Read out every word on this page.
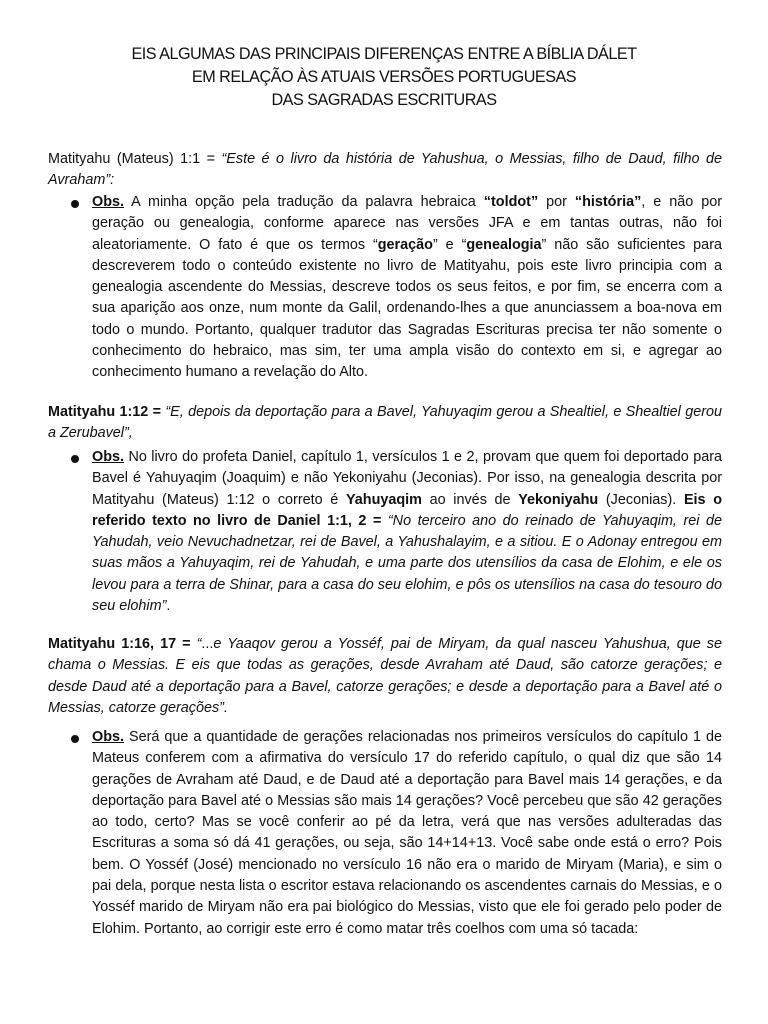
EIS ALGUMAS DAS PRINCIPAIS DIFERENÇAS ENTRE A BÍBLIA DÁLET
EM RELAÇÃO ÀS ATUAIS VERSÕES PORTUGUESAS
DAS SAGRADAS ESCRITURAS

Matityahu (Mateus) 1:1 = “Este é o livro da história de Yahushua, o Messias, filho de Daud, filho de Avraham”:

Obs. A minha opção pela tradução da palavra hebraica “toldot” por “história”, e não por geração ou genealogia, conforme aparece nas versões JFA e em tantas outras, não foi aleatoriamente. O fato é que os termos “geração” e “genealogia” não são suficientes para descreverem todo o conteúdo existente no livro de Matityahu, pois este livro principia com a genealogia ascendente do Messias, descreve todos os seus feitos, e por fim, se encerra com a sua aparição aos onze, num monte da Galil, ordenando-lhes a que anunciassem a boa-nova em todo o mundo. Portanto, qualquer tradutor das Sagradas Escrituras precisa ter não somente o conhecimento do hebraico, mas sim, ter uma ampla visão do contexto em si, e agregar ao conhecimento humano a revelação do Alto.

Matityahu 1:12 = “E, depois da deportação para a Bavel, Yahuyaqim gerou a Shealtiel, e Shealtiel gerou a Zerubavel”,

Obs. No livro do profeta Daniel, capítulo 1, versículos 1 e 2, provam que quem foi deportado para Bavel é Yahuyaqim (Joaquim) e não Yekoniyahu (Jeconias). Por isso, na genealogia descrita por Matityahu (Mateus) 1:12 o correto é Yahuyaqim ao invés de Yekoniyahu (Jeconias). Eis o referido texto no livro de Daniel 1:1, 2 = “No terceiro ano do reinado de Yahuyaqim, rei de Yahudah, veio Nevuchadnetzar, rei de Bavel, a Yahushalayim, e a sitiou. E o Adonay entregou em suas mãos a Yahuyaqim, rei de Yahudah, e uma parte dos utensílios da casa de Elohim, e ele os levou para a terra de Shinar, para a casa do seu elohim, e pôs os utensílios na casa do tesouro do seu elohim”.

Matityahu 1:16, 17 = “...e Yaaqov gerou a Yosséf, pai de Miryam, da qual nasceu Yahushua, que se chama o Messias. E eis que todas as gerações, desde Avraham até Daud, são catorze gerações; e desde Daud até a deportação para a Bavel, catorze gerações; e desde a deportação para a Bavel até o Messias, catorze gerações”.

Obs. Será que a quantidade de gerações relacionadas nos primeiros versículos do capítulo 1 de Mateus conferem com a afirmativa do versículo 17 do referido capítulo, o qual diz que são 14 gerações de Avraham até Daud, e de Daud até a deportação para Bavel mais 14 gerações, e da deportação para Bavel até o Messias são mais 14 gerações? Você percebeu que são 42 gerações ao todo, certo? Mas se você conferir ao pé da letra, verá que nas versões adulteradas das Escrituras a soma só dá 41 gerações, ou seja, são 14+14+13. Você sabe onde está o erro? Pois bem. O Yosséf (José) mencionado no versículo 16 não era o marido de Miryam (Maria), e sim o pai dela, porque nesta lista o escritor estava relacionando os ascendentes carnais do Messias, e o Yosséf marido de Miryam não era pai biológico do Messias, visto que ele foi gerado pelo poder de Elohim. Portanto, ao corrigir este erro é como matar três coelhos com uma só tacada:
